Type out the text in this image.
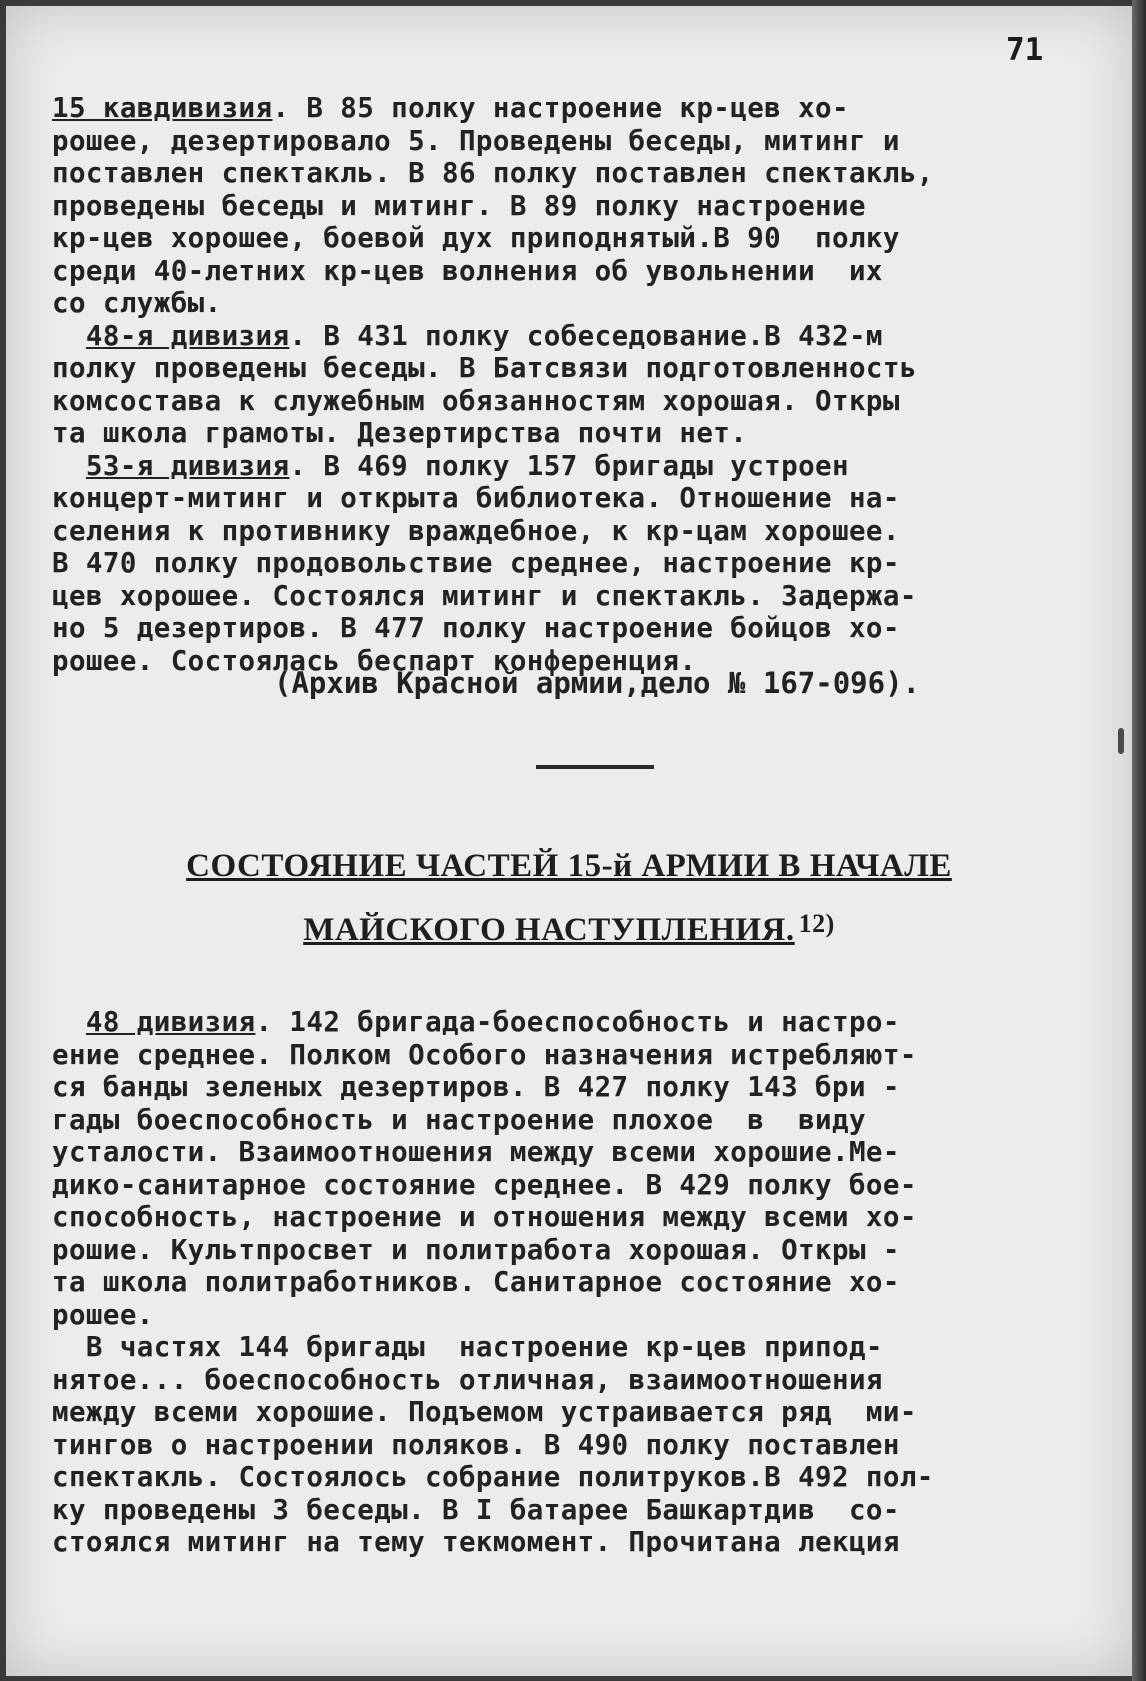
71
15 кавдивизия. В 85 полку настроение кр-цев хо-
рошее, дезертировало 5. Проведены беседы, митинг и
поставлен спектакль. В 86 полку поставлен спектакль,
проведены беседы и митинг. В 89 полку настроение
кр-цев хорошее, боевой дух приподнятый.В 90  полку
среди 40-летних кр-цев волнения об увольнении  их
со службы.
48-я дивизия. В 431 полку собеседование.В 432-м
полку проведены беседы. В Батсвязи подготовленность
комсостава к служебным обязанностям хорошая. Откры
та школа грамоты. Дезертирства почти нет.
53-я дивизия. В 469 полку 157 бригады устроен
концерт-митинг и открыта библиотека. Отношение на-
селения к противнику враждебное, к кр-цам хорошее.
В 470 полку продовольствие среднее, настроение кр-
цев хорошее. Состоялся митинг и спектакль. Задержа-
но 5 дезертиров. В 477 полку настроение бойцов хо-
рошее. Состоялась беспарт конференция.
(Архив Красной армии,дело № 167-096).
СОСТОЯНИЕ ЧАСТЕЙ 15-й АРМИИ В НАЧАЛЕ
МАЙСКОГО НАСТУПЛЕНИЯ. $^{12)}$
48 дивизия. 142 бригада-боеспособность и настро-
ение среднее. Полком Особого назначения истребляют-
ся банды зеленых дезертиров. В 427 полку 143 бри -
гады боеспособность и настроение плохое  в  виду
усталости. Взаимоотношения между всеми хорошие.Ме-
дико-санитарное состояние среднее. В 429 полку бое-
способность, настроение и отношения между всеми хо-
рошие. Культпросвет и политработа хорошая. Откры -
та школа политработников. Санитарное состояние хо-
рошее.
В частях 144 бригады  настроение кр-цев припод-
нятое... боеспособность отличная, взаимоотношения
между всеми хорошие. Подъемом устраивается ряд  ми-
тингов о настроении поляков. В 490 полку поставлен
спектакль. Состоялось собрание политруков.В 492 пол-
ку проведены 3 беседы. В I батарее Башкартдив  со-
стоялся митинг на тему текмомент. Прочитана лекция
